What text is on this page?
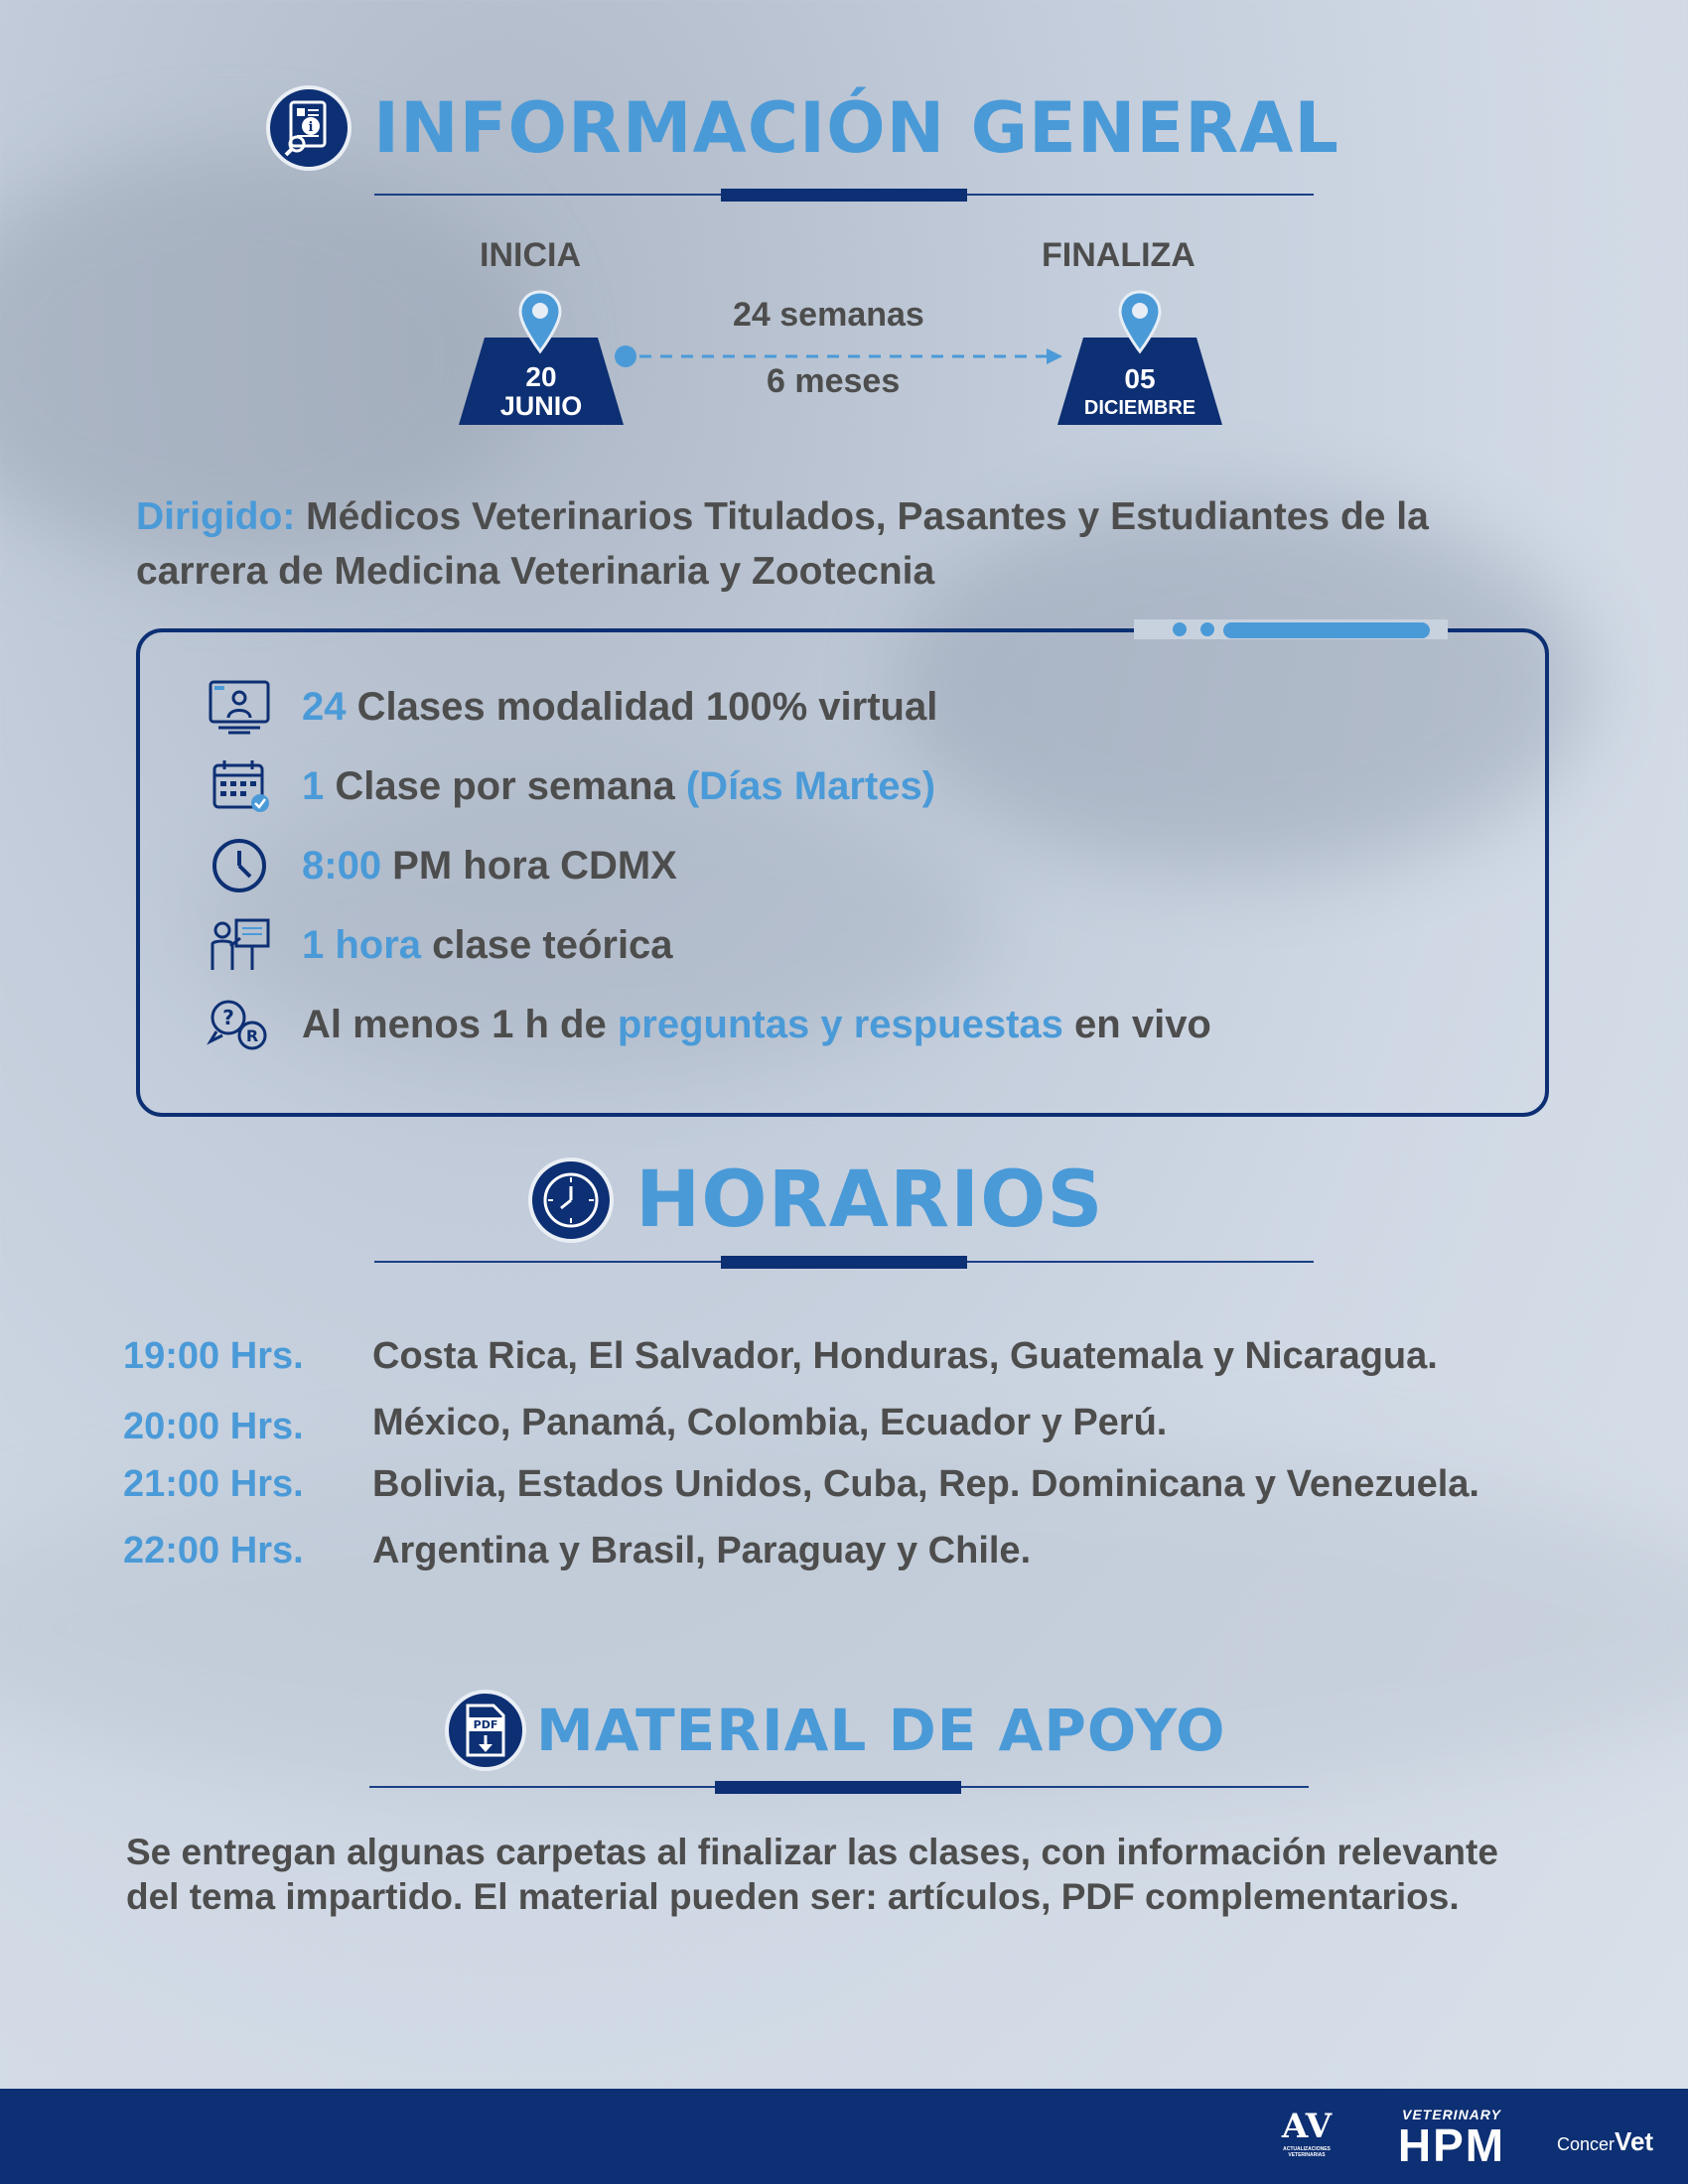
i INFORMACIÓN GENERAL
INICIA	FINALIZA
20
JUNIO
05
DICIEMBRE
24 semanas
6 meses
Dirigido: Médicos Veterinarios Titulados, Pasantes y Estudiantes de la carrera de Medicina Veterinaria y Zootecnia
24 Clases modalidad 100% virtual
1 Clase por semana (Días Martes)
8:00 PM hora CDMX
1 hora clase teórica
?
R Al menos 1 h de preguntas y respuestas en vivo
HORARIOS
19:00 Hrs.	Costa Rica, El Salvador, Honduras, Guatemala y Nicaragua.
20:00 Hrs.	México, Panamá, Colombia, Ecuador y Perú.
21:00 Hrs.	Bolivia, Estados Unidos, Cuba, Rep. Dominicana y Venezuela.
22:00 Hrs.	Argentina y Brasil, Paraguay y Chile.
PDF MATERIAL DE APOYO
Se entregan algunas carpetas al finalizar las clases, con información relevante del tema impartido. El material pueden ser: artículos, PDF complementarios.
AV
ACTUALIZACIONES VETERINARIAS
VETERINARY
HPM	ConcerVet
